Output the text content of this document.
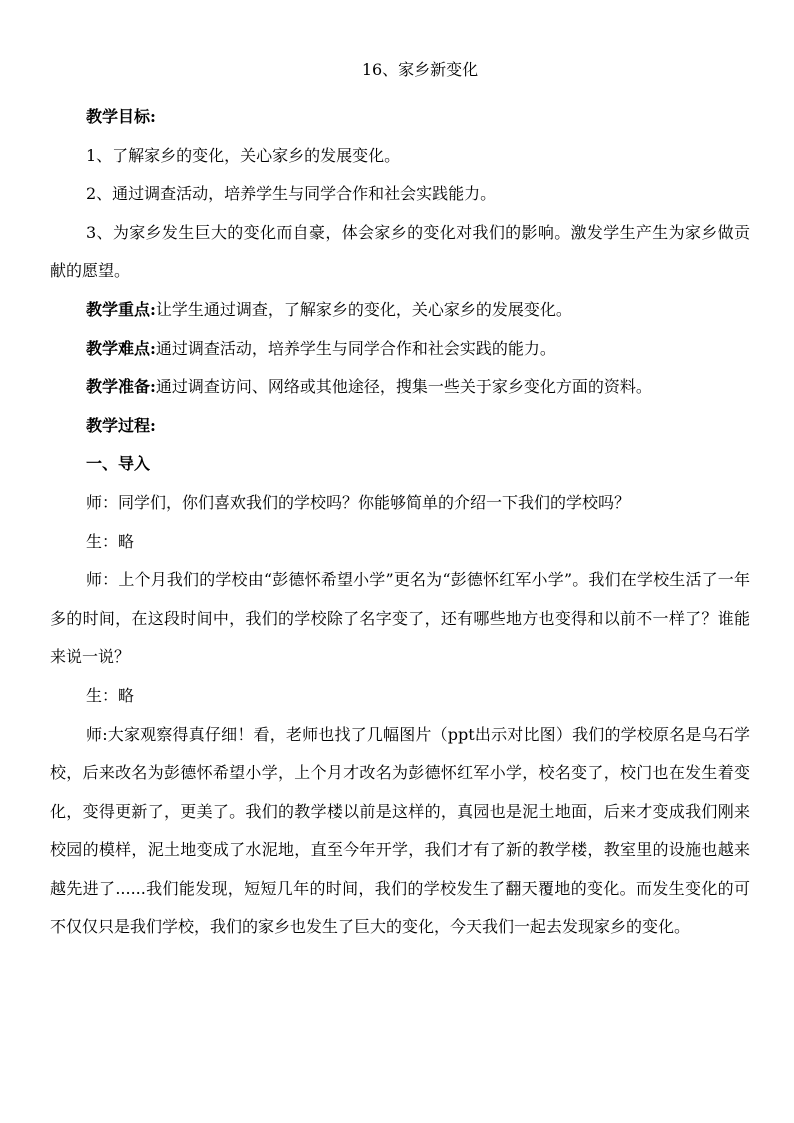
16、家乡新变化
教学目标:
1、了解家乡的变化，关心家乡的发展变化。
2、通过调查活动，培养学生与同学合作和社会实践能力。
3、为家乡发生巨大的变化而自豪，体会家乡的变化对我们的影响。激发学生产生为家乡做贡献的愿望。
教学重点:让学生通过调查，了解家乡的变化，关心家乡的发展变化。
教学难点:通过调查活动，培养学生与同学合作和社会实践的能力。
教学准备:通过调查访问、网络或其他途径，搜集一些关于家乡变化方面的资料。
教学过程:
一、导入
师：同学们，你们喜欢我们的学校吗？你能够简单的介绍一下我们的学校吗？
生：略
师：上个月我们的学校由“彭德怀希望小学”更名为“彭德怀红军小学”。我们在学校生活了一年多的时间，在这段时间中，我们的学校除了名字变了，还有哪些地方也变得和以前不一样了？谁能来说一说？
生：略
师:大家观察得真仔细！看，老师也找了几幅图片（ppt出示对比图）我们的学校原名是乌石学校，后来改名为彭德怀希望小学，上个月才改名为彭德怀红军小学，校名变了，校门也在发生着变化，变得更新了，更美了。我们的教学楼以前是这样的，真园也是泥土地面，后来才变成我们刚来校园的模样，泥土地变成了水泥地，直至今年开学，我们才有了新的教学楼，教室里的设施也越来越先进了......我们能发现，短短几年的时间，我们的学校发生了翻天覆地的变化。而发生变化的可不仅仅只是我们学校，我们的家乡也发生了巨大的变化，今天我们一起去发现家乡的变化。
